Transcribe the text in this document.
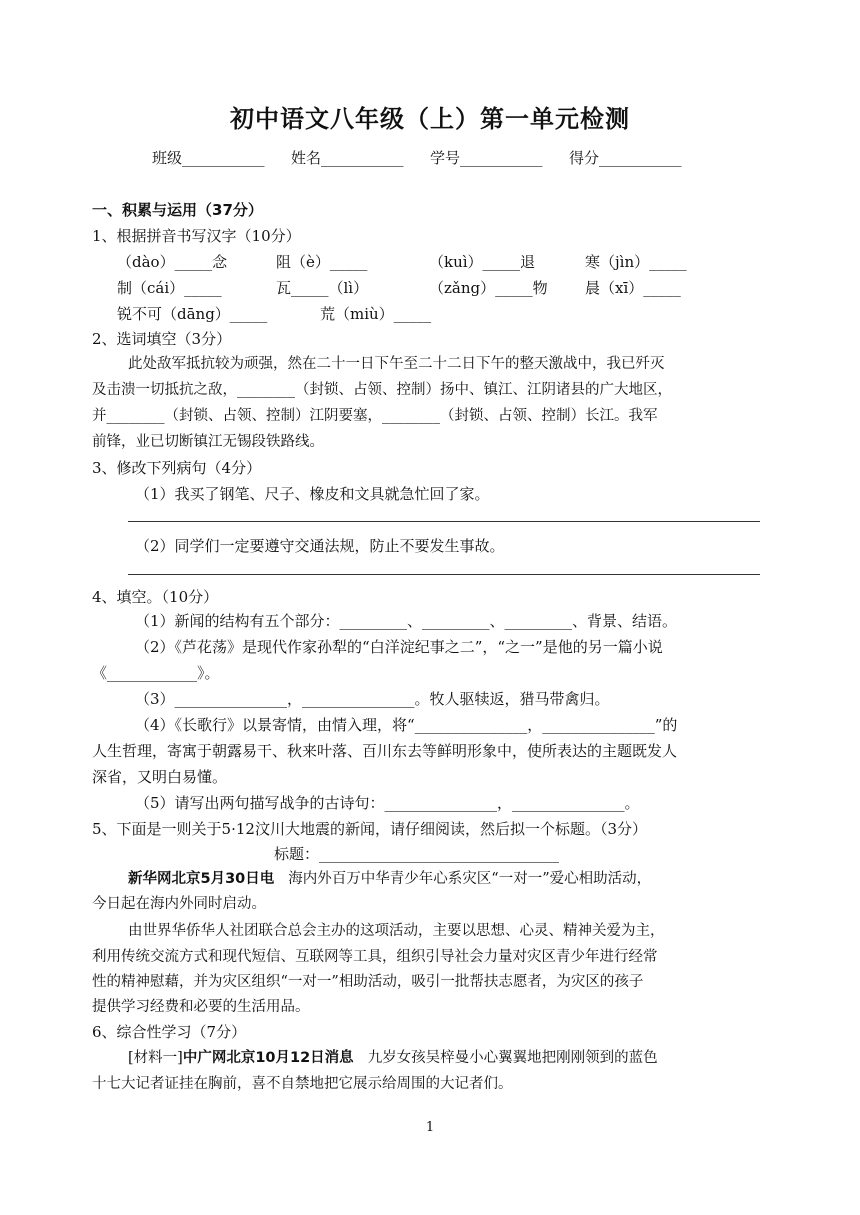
初中语文八年级（上）第一单元检测
班级___________ 姓名___________ 学号___________ 得分___________
一、积累与运用（37分）
1、根据拼音书写汉字（10分）
（dào）_____念	阻（è）_____	（kuì）_____退	寒（jìn）_____
制（cái）_____	瓦_____（lì）	（zǎng）_____物 晨（xī）_____
锐不可（dāng）_____	荒（miù）_____
2、选词填空（3分）
此处敌军抵抗较为顽强，然在二十一日下午至二十二日下午的整天激战中，我已歼灭
及击溃一切抵抗之敌，________（封锁、占领、控制）扬中、镇江、江阴诸县的广大地区，
并________（封锁、占领、控制）江阴要塞，________（封锁、占领、控制）长江。我军
前锋，业已切断镇江无锡段铁路线。
3、修改下列病句（4分）
（1）我买了钢笔、尺子、橡皮和文具就急忙回了家。
（2）同学们一定要遵守交通法规，防止不要发生事故。
4、填空。（10分）
（1）新闻的结构有五个部分：_________、_________、_________、背景、结语。
（2）《芦花荡》是现代作家孙犁的“白洋淀纪事之二”，“之一”是他的另一篇小说
《____________》。
（3）_______________，_______________。牧人驱犊返，猎马带禽归。
（4）《长歌行》以景寄情，由情入理，将“_______________，_______________”的
人生哲理，寄寓于朝露易干、秋来叶落、百川东去等鲜明形象中，使所表达的主题既发人
深省，又明白易懂。
（5）请写出两句描写战争的古诗句：_______________，_______________。
5、下面是一则关于5·12汶川大地震的新闻，请仔细阅读，然后拟一个标题。（3分）
标题：________________________________
新华网北京5月30日电 海内外百万中华青少年心系灾区“一对一”爱心相助活动，
今日起在海内外同时启动。
由世界华侨华人社团联合总会主办的这项活动，主要以思想、心灵、精神关爱为主，
利用传统交流方式和现代短信、互联网等工具，组织引导社会力量对灾区青少年进行经常
性的精神慰藉，并为灾区组织“一对一”相助活动，吸引一批帮扶志愿者，为灾区的孩子
提供学习经费和必要的生活用品。
6、综合性学习（7分）
[材料一]中广网北京10月12日消息 九岁女孩吴梓曼小心翼翼地把刚刚领到的蓝色
十七大记者证挂在胸前，喜不自禁地把它展示给周围的大记者们。
1
